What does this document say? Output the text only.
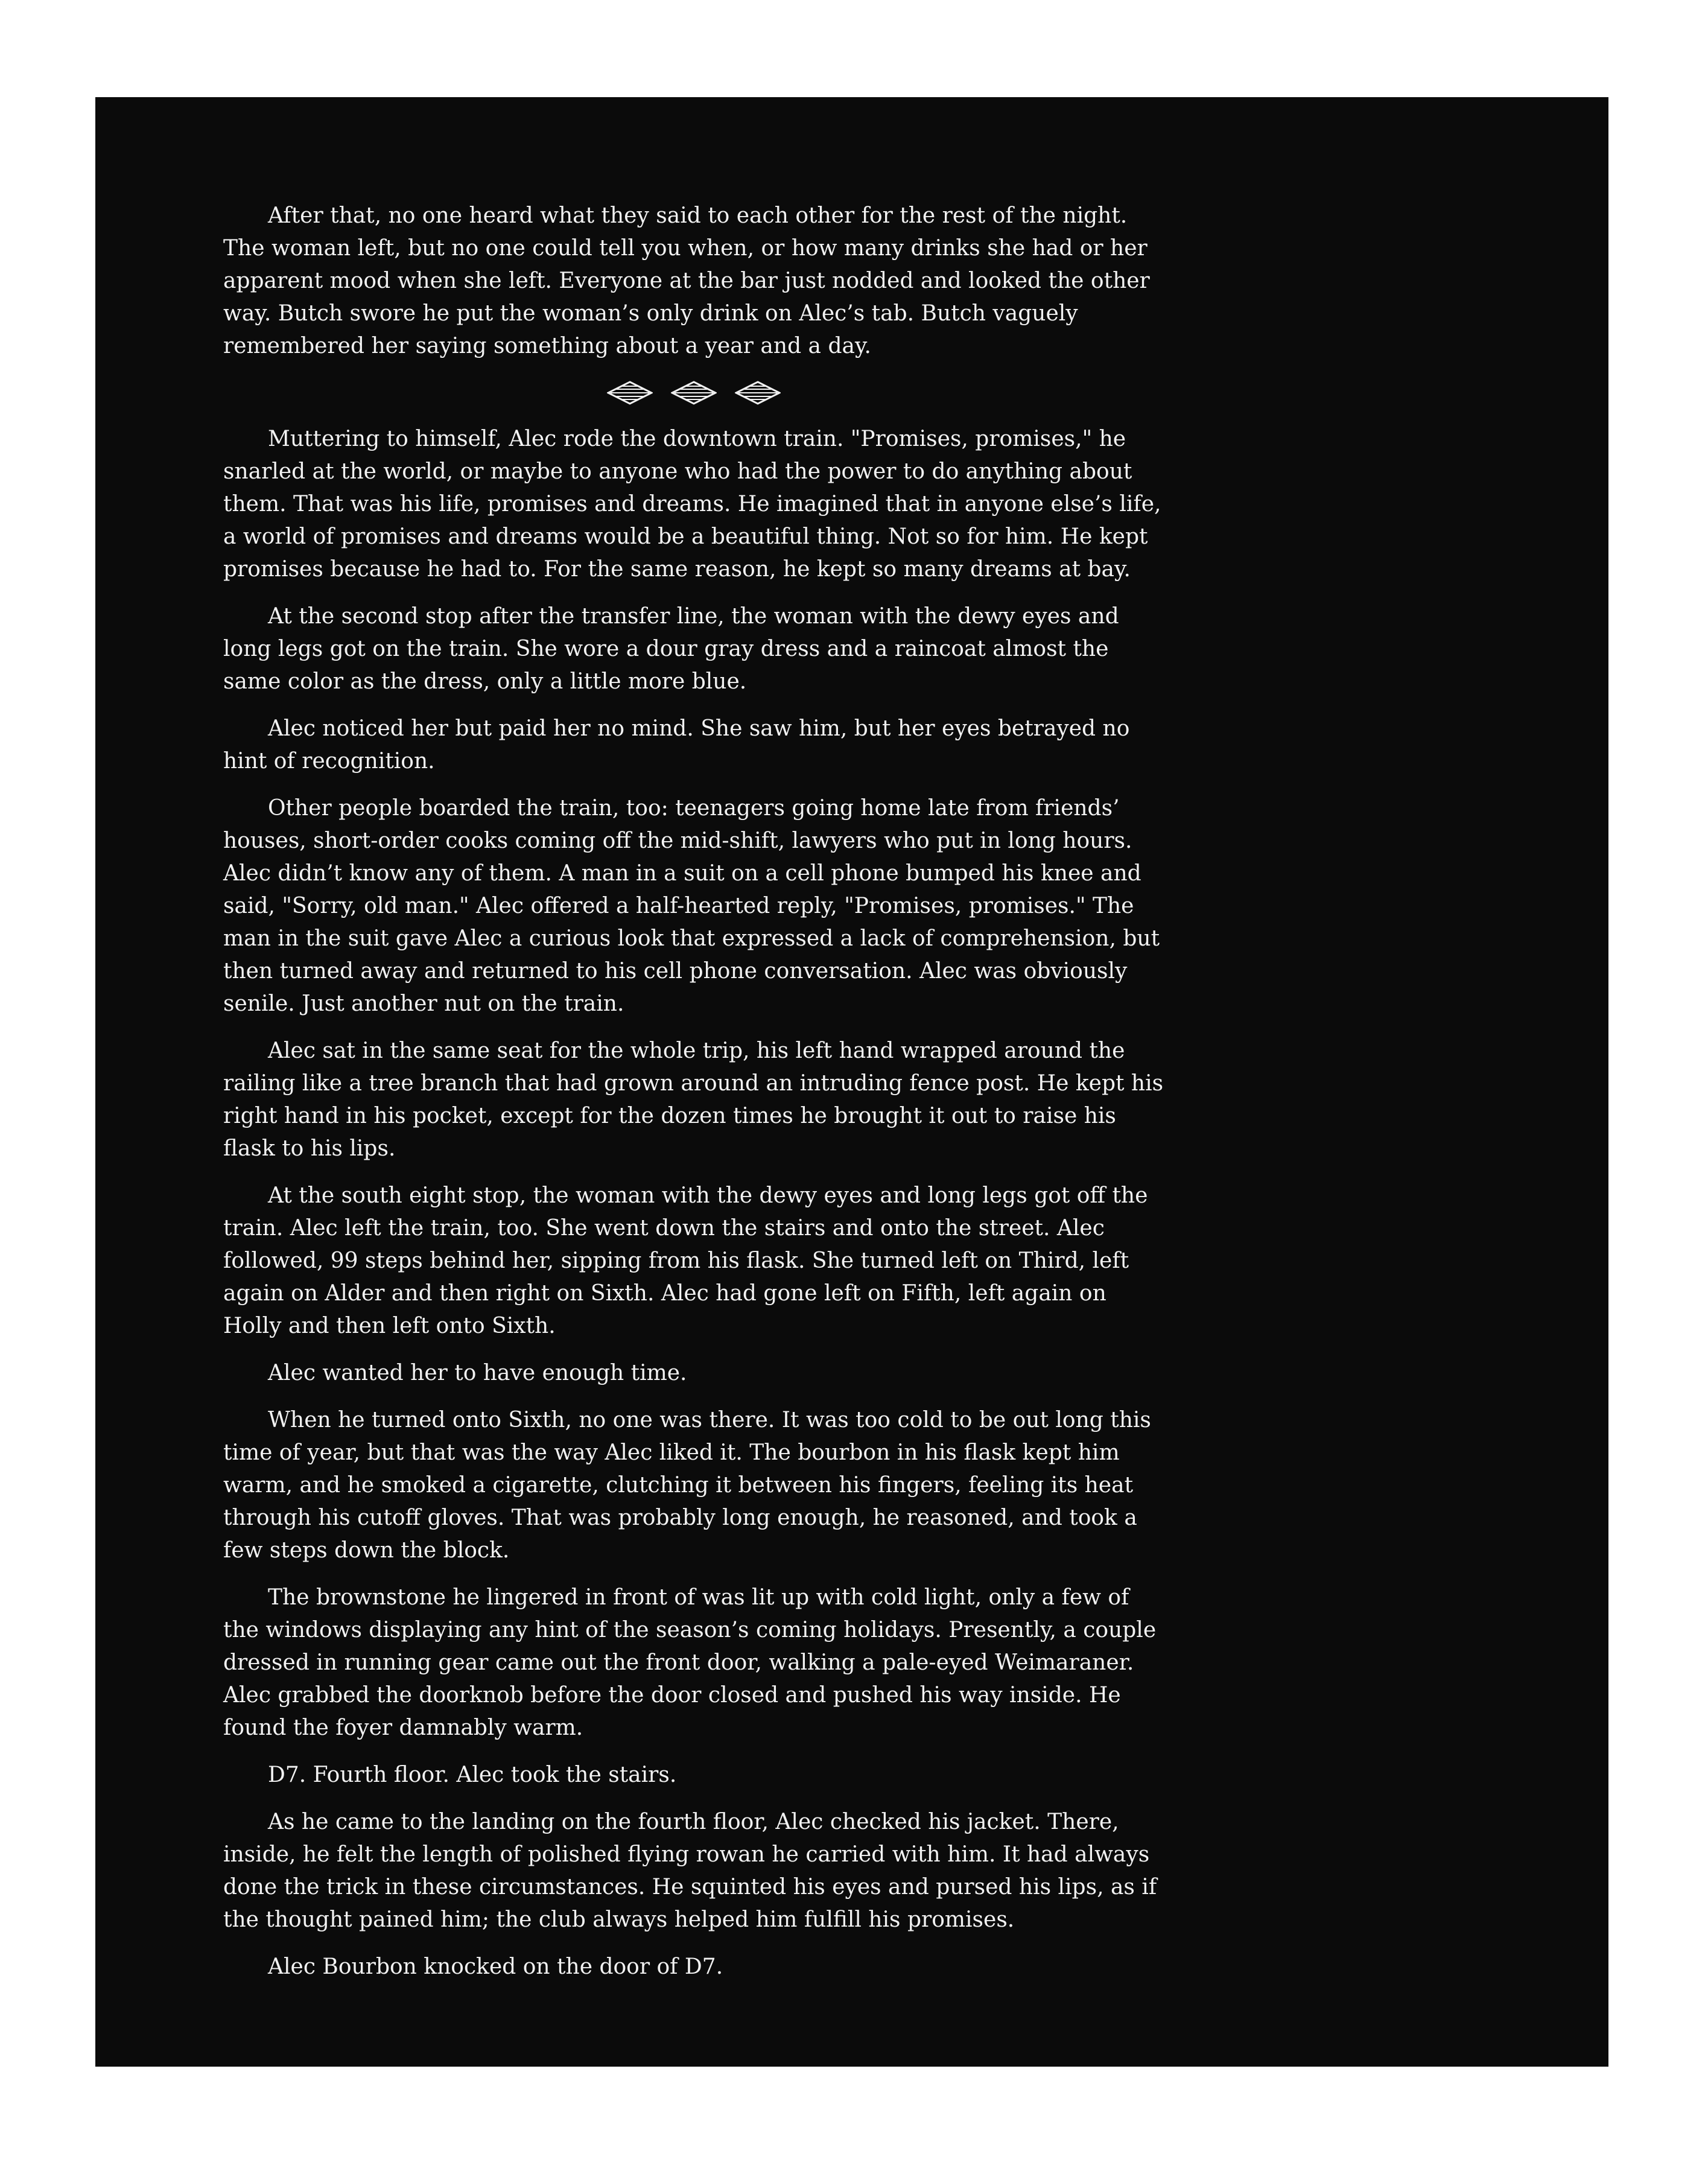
After that, no one heard what they said to each other for the rest of the night. The woman left, but no one could tell you when, or how many drinks she had or her apparent mood when she left. Everyone at the bar just nodded and looked the other way. Butch swore he put the woman’s only drink on Alec’s tab. Butch vaguely remembered her saying something about a year and a day.

Muttering to himself, Alec rode the downtown train. "Promises, promises," he snarled at the world, or maybe to anyone who had the power to do anything about them. That was his life, promises and dreams. He imagined that in anyone else’s life, a world of promises and dreams would be a beautiful thing. Not so for him. He kept promises because he had to. For the same reason, he kept so many dreams at bay.

At the second stop after the transfer line, the woman with the dewy eyes and long legs got on the train. She wore a dour gray dress and a raincoat almost the same color as the dress, only a little more blue.

Alec noticed her but paid her no mind. She saw him, but her eyes betrayed no hint of recognition.

Other people boarded the train, too: teenagers going home late from friends’ houses, short-order cooks coming off the mid-shift, lawyers who put in long hours. Alec didn’t know any of them. A man in a suit on a cell phone bumped his knee and said, "Sorry, old man." Alec offered a half-hearted reply, "Promises, promises." The man in the suit gave Alec a curious look that expressed a lack of comprehension, but then turned away and returned to his cell phone conversation. Alec was obviously senile. Just another nut on the train.

Alec sat in the same seat for the whole trip, his left hand wrapped around the railing like a tree branch that had grown around an intruding fence post. He kept his right hand in his pocket, except for the dozen times he brought it out to raise his flask to his lips.

At the south eight stop, the woman with the dewy eyes and long legs got off the train. Alec left the train, too. She went down the stairs and onto the street. Alec followed, 99 steps behind her, sipping from his flask. She turned left on Third, left again on Alder and then right on Sixth. Alec had gone left on Fifth, left again on Holly and then left onto Sixth.

Alec wanted her to have enough time.

When he turned onto Sixth, no one was there. It was too cold to be out long this time of year, but that was the way Alec liked it. The bourbon in his flask kept him warm, and he smoked a cigarette, clutching it between his fingers, feeling its heat through his cutoff gloves. That was probably long enough, he reasoned, and took a few steps down the block.

The brownstone he lingered in front of was lit up with cold light, only a few of the windows displaying any hint of the season’s coming holidays. Presently, a couple dressed in running gear came out the front door, walking a pale-eyed Weimaraner. Alec grabbed the doorknob before the door closed and pushed his way inside. He found the foyer damnably warm.

D7. Fourth floor. Alec took the stairs.

As he came to the landing on the fourth floor, Alec checked his jacket. There, inside, he felt the length of polished flying rowan he carried with him. It had always done the trick in these circumstances. He squinted his eyes and pursed his lips, as if the thought pained him; the club always helped him fulfill his promises.

Alec Bourbon knocked on the door of D7.
